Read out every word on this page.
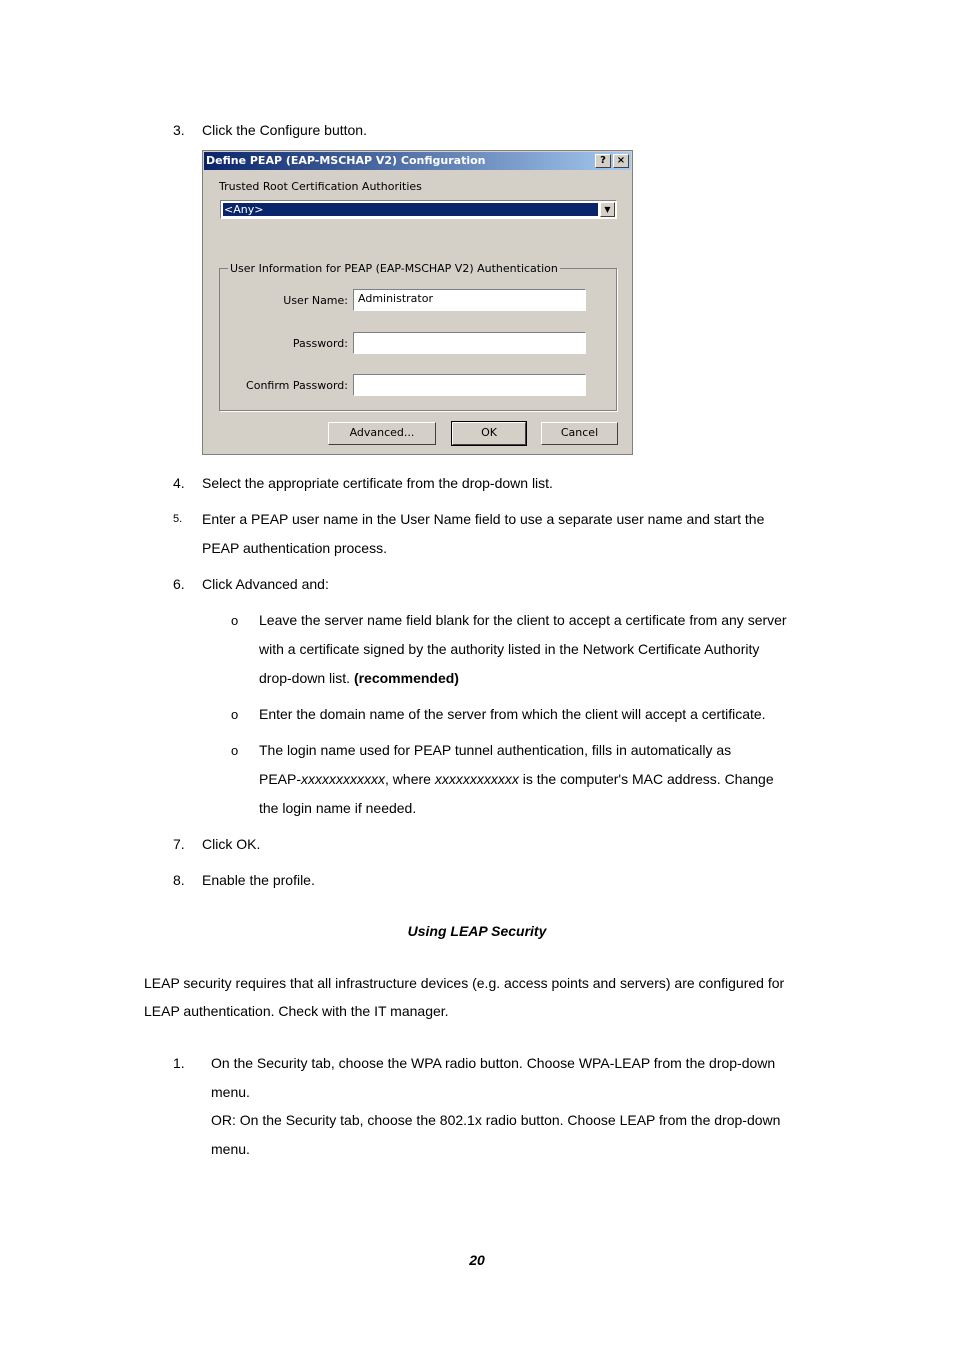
3. Click the Configure button.
Define PEAP (EAP-MSCHAP V2) Configuration	?	×
Trusted Root Certification Authorities
<Any>	▼
User Information for PEAP (EAP-MSCHAP V2) Authentication
User Name: Administrator
Password:
Confirm Password:
Advanced...	OK	Cancel
4. Select the appropriate certificate from the drop-down list.
5. Enter a PEAP user name in the User Name field to use a separate user name and start the
PEAP authentication process.
6. Click Advanced and:
o Leave the server name field blank for the client to accept a certificate from any server
with a certificate signed by the authority listed in the Network Certificate Authority
drop-down list. (recommended)
o Enter the domain name of the server from which the client will accept a certificate.
o The login name used for PEAP tunnel authentication, fills in automatically as
PEAP-xxxxxxxxxxxx, where xxxxxxxxxxxx is the computer's MAC address. Change
the login name if needed.
7. Click OK.
8. Enable the profile.
Using LEAP Security
LEAP security requires that all infrastructure devices (e.g. access points and servers) are configured for
LEAP authentication. Check with the IT manager.
1. On the Security tab, choose the WPA radio button. Choose WPA-LEAP from the drop-down
menu.
OR: On the Security tab, choose the 802.1x radio button. Choose LEAP from the drop-down
menu.
20
